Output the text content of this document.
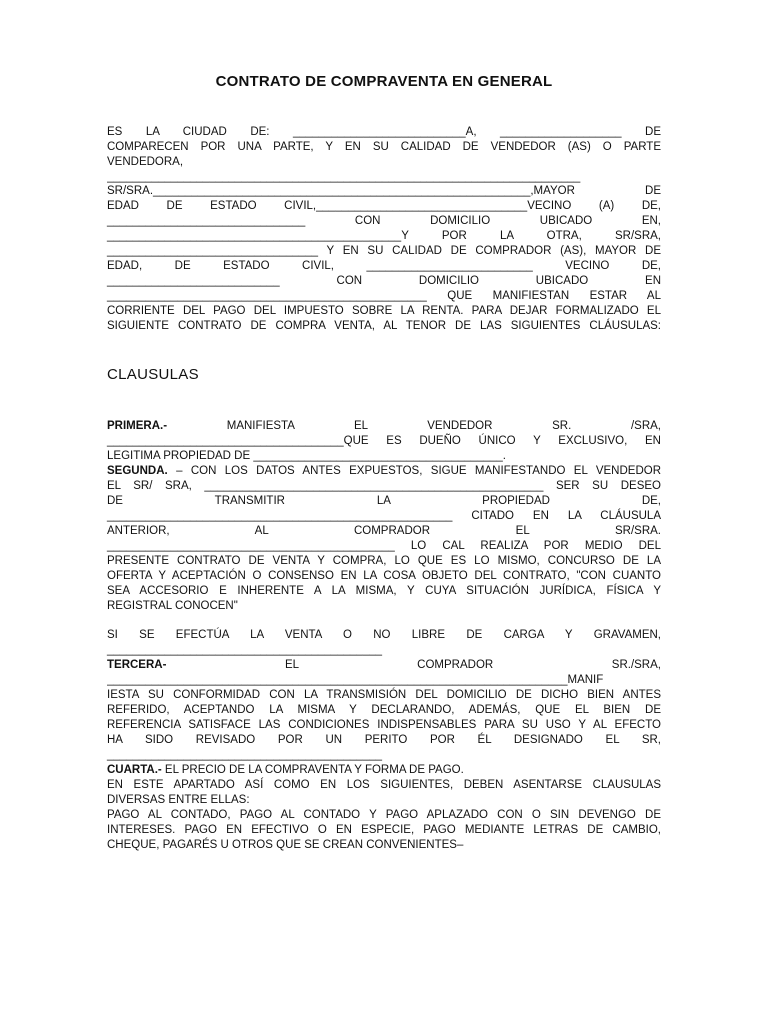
CONTRATO DE COMPRAVENTA EN GENERAL
ES LA CIUDAD DE: ___________________________A, ___________________ DE
COMPARECEN POR UNA PARTE, Y EN SU CALIDAD DE VENDEDOR (AS) O PARTE
VENDEDORA,
__________________________________________________________________________
SR/SRA.___________________________________________________________,MAYOR DE
EDAD DE ESTADO CIVIL,_________________________________VECINO (A) DE,
_______________________________ CON DOMICILIO UBICADO EN,
______________________________________________Y POR LA OTRA, SR/SRA,
_________________________________ Y EN SU CALIDAD DE COMPRADOR (AS), MAYOR DE
EDAD, DE ESTADO CIVIL, __________________________ VECINO DE,
___________________________ CON DOMICILIO UBICADO EN
__________________________________________________ QUE MANIFIESTAN ESTAR AL
CORRIENTE DEL PAGO DEL IMPUESTO SOBRE LA RENTA. PARA DEJAR FORMALIZADO EL
SIGUIENTE CONTRATO DE COMPRA VENTA, AL TENOR DE LAS SIGUIENTES CLÁUSULAS:
CLAUSULAS
PRIMERA.-	MANIFIESTA EL VENDEDOR SR. /SRA,
_____________________________________QUE ES DUEÑO ÚNICO Y EXCLUSIVO, EN
LEGITIMA PROPIEDAD DE _______________________________________.
SEGUNDA. – CON LOS DATOS ANTES EXPUESTOS, SIGUE MANIFESTANDO EL VENDEDOR
EL SR/ SRA, _____________________________________________________ SER SU DESEO
DE TRANSMITIR LA PROPIEDAD DE,
______________________________________________________ CITADO EN LA CLÁUSULA
ANTERIOR, AL COMPRADOR EL SR/SRA.
_____________________________________________ LO CAL REALIZA POR MEDIO DEL
PRESENTE CONTRATO DE VENTA Y COMPRA, LO QUE ES LO MISMO, CONCURSO DE LA
OFERTA Y ACEPTACIÓN O CONSENSO EN LA COSA OBJETO DEL CONTRATO, "CON CUANTO
SEA ACCESORIO E INHERENTE A LA MISMA, Y CUYA SITUACIÓN JURÍDICA, FÍSICA Y
REGISTRAL CONOCEN"
SI SE EFECTÚA LA VENTA O NO LIBRE DE CARGA Y GRAVAMEN,
___________________________________________
TERCERA-	EL COMPRADOR SR./SRA,
________________________________________________________________________MANIF
IESTA SU CONFORMIDAD CON LA TRANSMISIÓN DEL DOMICILIO DE DICHO BIEN ANTES
REFERIDO, ACEPTANDO LA MISMA Y DECLARANDO, ADEMÁS, QUE EL BIEN DE
REFERENCIA SATISFACE LAS CONDICIONES INDISPENSABLES PARA SU USO Y AL EFECTO
HA SIDO REVISADO POR UN PERITO POR ÉL DESIGNADO EL SR,
___________________________________________
CUARTA.- EL PRECIO DE LA COMPRAVENTA Y FORMA DE PAGO.
EN ESTE APARTADO ASÍ COMO EN LOS SIGUIENTES, DEBEN ASENTARSE CLAUSULAS
DIVERSAS ENTRE ELLAS:
PAGO AL CONTADO, PAGO AL CONTADO Y PAGO APLAZADO CON O SIN DEVENGO DE
INTERESES. PAGO EN EFECTIVO O EN ESPECIE, PAGO MEDIANTE LETRAS DE CAMBIO,
CHEQUE, PAGARÉS U OTROS QUE SE CREAN CONVENIENTES–
